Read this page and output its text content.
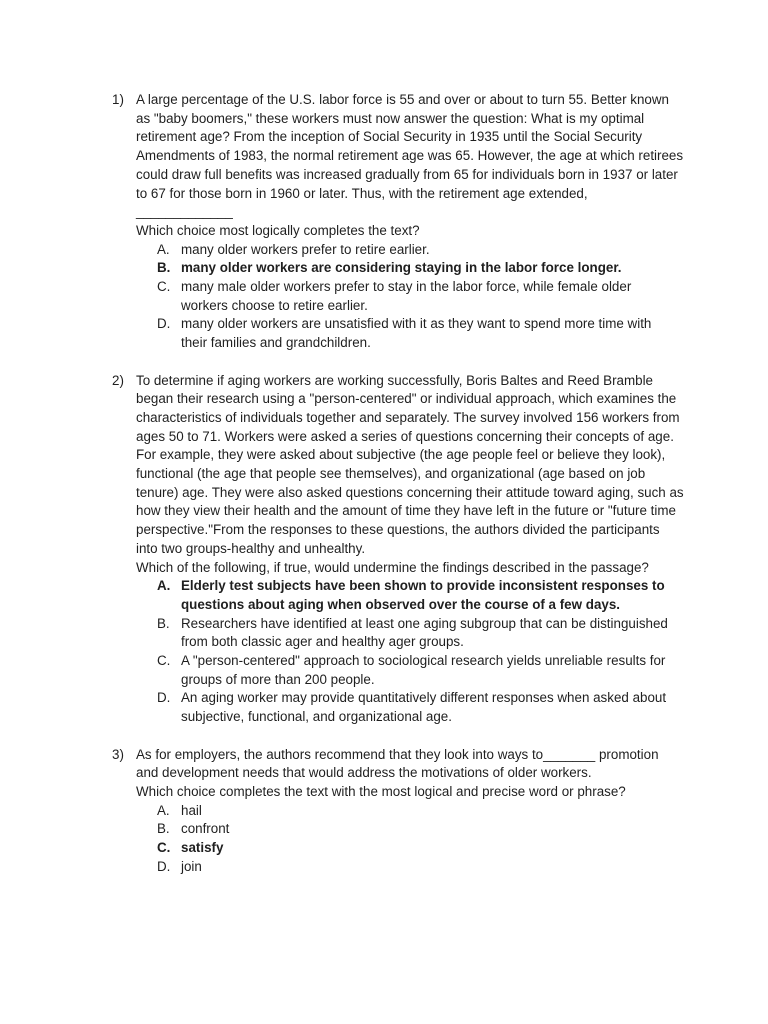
1) A large percentage of the U.S. labor force is 55 and over or about to turn 55. Better known as "baby boomers," these workers must now answer the question: What is my optimal retirement age? From the inception of Social Security in 1935 until the Social Security Amendments of 1983, the normal retirement age was 65. However, the age at which retirees could draw full benefits was increased gradually from 65 for individuals born in 1937 or later to 67 for those born in 1960 or later. Thus, with the retirement age extended, _____________

Which choice most logically completes the text?

A. many older workers prefer to retire earlier.
B. many older workers are considering staying in the labor force longer.
C. many male older workers prefer to stay in the labor force, while female older workers choose to retire earlier.
D. many older workers are unsatisfied with it as they want to spend more time with their families and grandchildren.
2) To determine if aging workers are working successfully, Boris Baltes and Reed Bramble began their research using a "person-centered" or individual approach, which examines the characteristics of individuals together and separately. The survey involved 156 workers from ages 50 to 71. Workers were asked a series of questions concerning their concepts of age. For example, they were asked about subjective (the age people feel or believe they look), functional (the age that people see themselves), and organizational (age based on job tenure) age. They were also asked questions concerning their attitude toward aging, such as how they view their health and the amount of time they have left in the future or "future time perspective."From the responses to these questions, the authors divided the participants into two groups-healthy and unhealthy.

Which of the following, if true, would undermine the findings described in the passage?

A. Elderly test subjects have been shown to provide inconsistent responses to questions about aging when observed over the course of a few days.
B. Researchers have identified at least one aging subgroup that can be distinguished from both classic ager and healthy ager groups.
C. A "person-centered" approach to sociological research yields unreliable results for groups of more than 200 people.
D. An aging worker may provide quantitatively different responses when asked about subjective, functional, and organizational age.
3) As for employers, the authors recommend that they look into ways to_______ promotion and development needs that would address the motivations of older workers.

Which choice completes the text with the most logical and precise word or phrase?

A. hail
B. confront
C. satisfy
D. join
